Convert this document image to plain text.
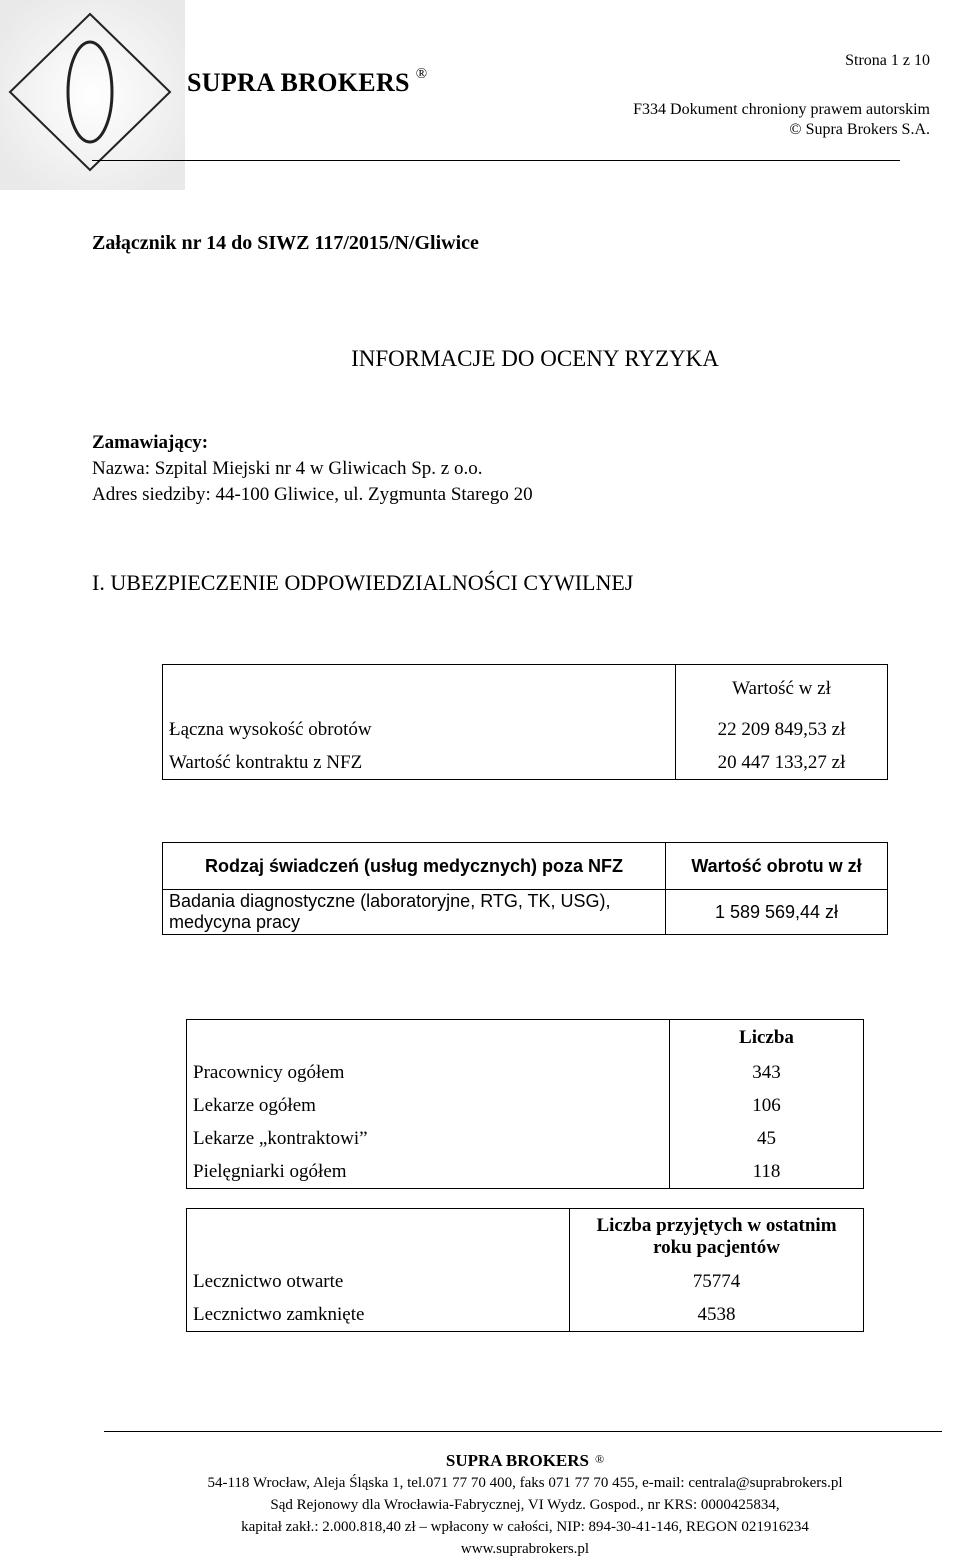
SUPRA BROKERS ®
Strona 1 z 10
F334 Dokument chroniony prawem autorskim
© Supra Brokers S.A.
Załącznik nr 14 do SIWZ 117/2015/N/Gliwice
INFORMACJE DO OCENY RYZYKA
Zamawiający:
Nazwa: Szpital Miejski nr 4 w Gliwicach Sp. z o.o.
Adres siedziby: 44-100 Gliwice, ul. Zygmunta Starego 20
I. UBEZPIECZENIE ODPOWIEDZIALNOŚCI CYWILNEJ
	Wartość w zł
Łączna wysokość obrotów	22 209 849,53 zł
Wartość kontraktu z NFZ	20 447 133,27 zł
Rodzaj świadczeń (usług medycznych) poza NFZ	Wartość obrotu w zł
Badania diagnostyczne (laboratoryjne, RTG, TK, USG), medycyna pracy	1 589 569,44 zł
	Liczba
Pracownicy ogółem	343
Lekarze ogółem	106
Lekarze „kontraktowi”	45
Pielęgniarki ogółem	118
	Liczba przyjętych w ostatnim roku pacjentów
Lecznictwo otwarte	75774
Lecznictwo zamknięte	4538
SUPRA BROKERS ®
54-118 Wrocław, Aleja Śląska 1, tel.071 77 70 400, faks 071 77 70 455, e-mail: centrala@suprabrokers.pl
Sąd Rejonowy dla Wrocławia-Fabrycznej, VI Wydz. Gospod., nr KRS: 0000425834,
kapitał zakł.: 2.000.818,40 zł – wpłacony w całości, NIP: 894-30-41-146, REGON 021916234
www.suprabrokers.pl
